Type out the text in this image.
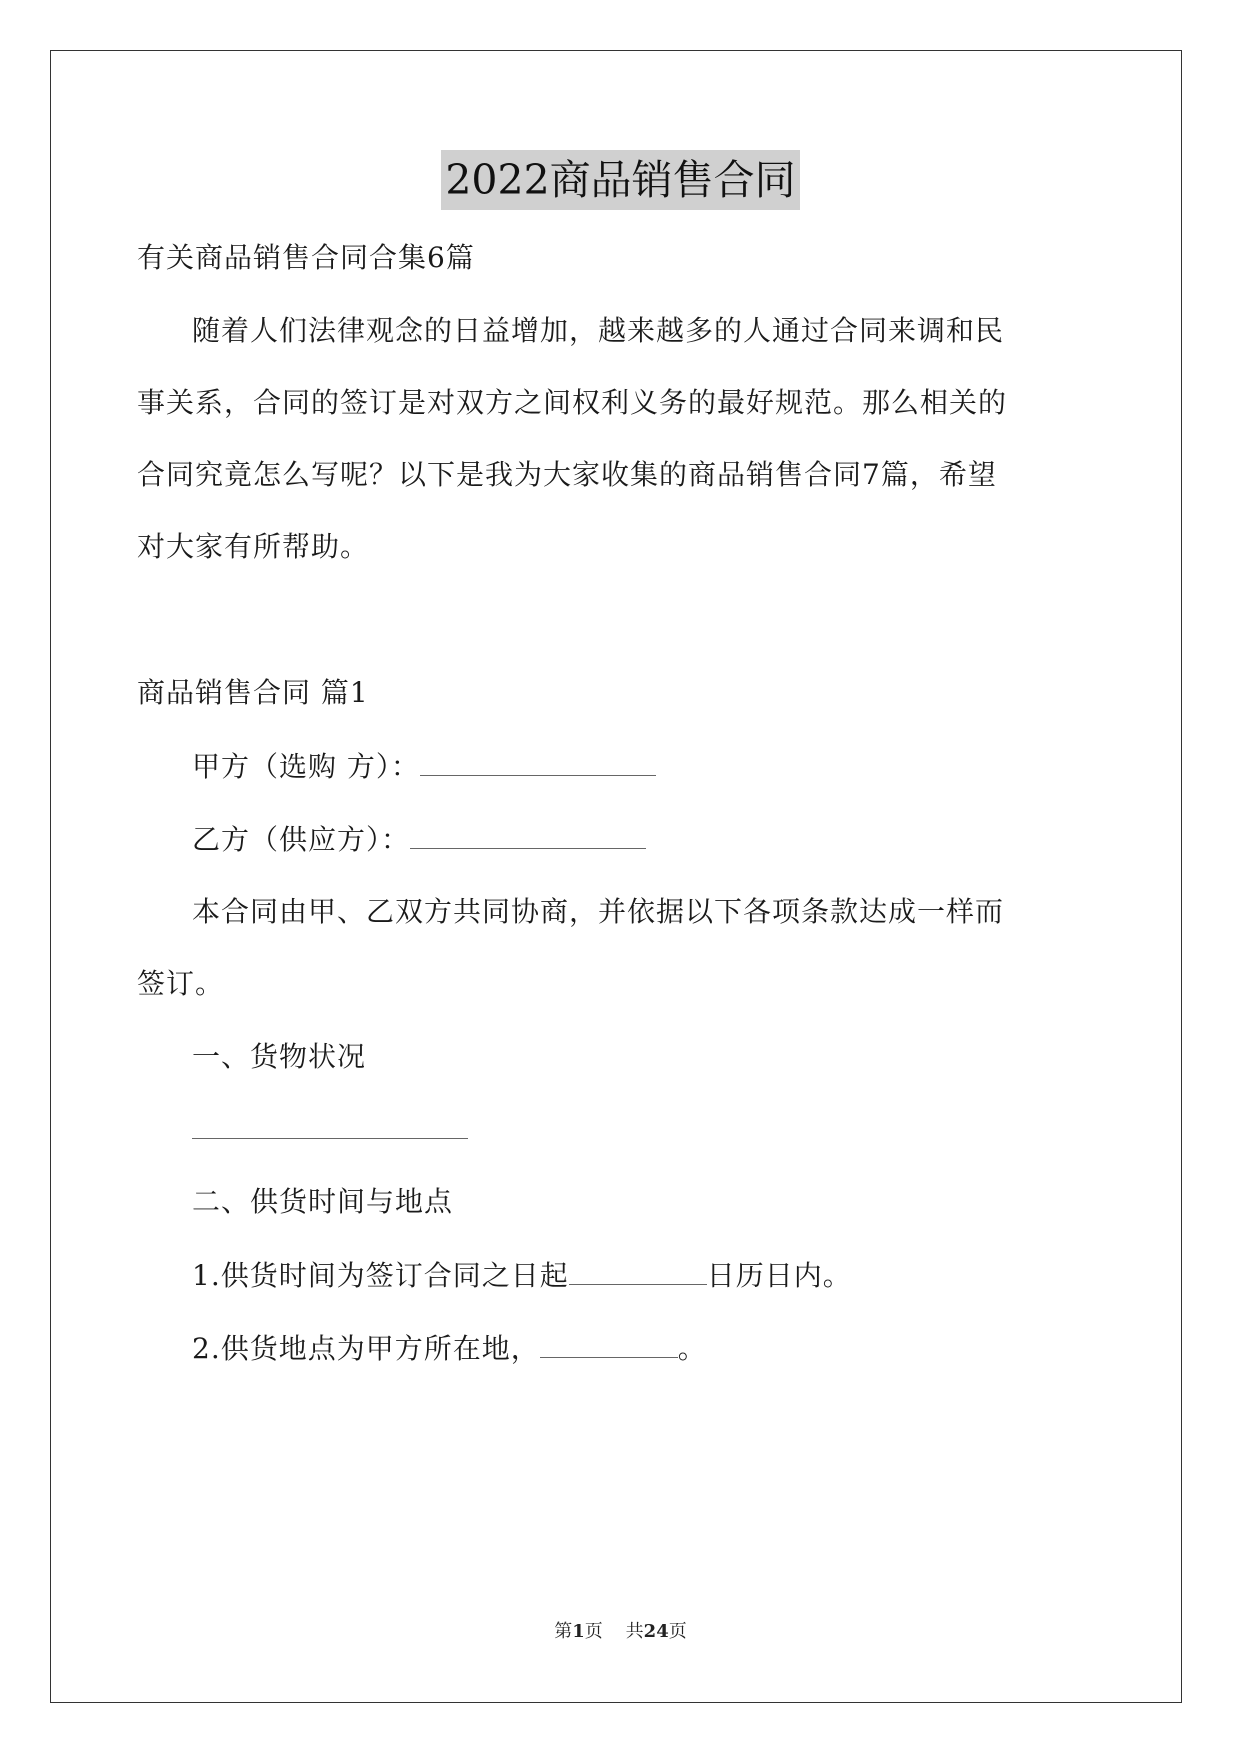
2022商品销售合同
有关商品销售合同合集6篇
随着人们法律观念的日益增加，越来越多的人通过合同来调和民
事关系，合同的签订是对双方之间权利义务的最好规范。那么相关的
合同究竟怎么写呢？以下是我为大家收集的商品销售合同7篇，希望
对大家有所帮助。
商品销售合同 篇1
甲方（选购 方）：
乙方（供应方）：
本合同由甲、乙双方共同协商，并依据以下各项条款达成一样而
签订。
一、货物状况
二、供货时间与地点
1.供货时间为签订合同之日起	日历日内。
2.供货地点为甲方所在地，	。
第1页    共24页
